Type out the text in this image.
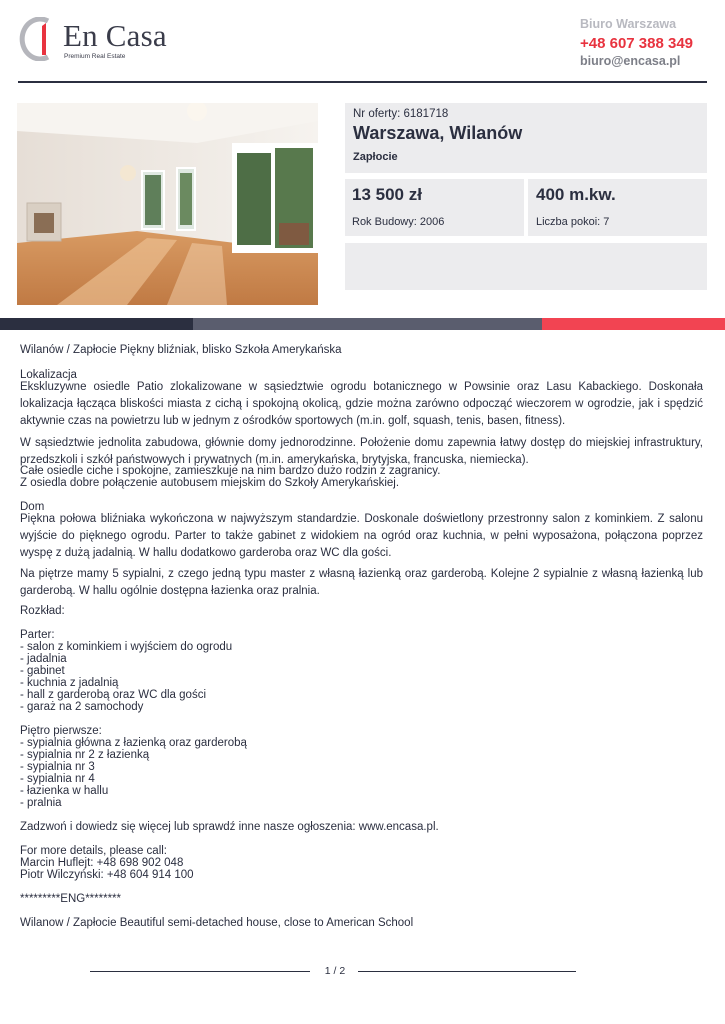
En Casa
Premium Real Estate
Biuro Warszawa
+48 607 388 349
biuro@encasa.pl
Nr oferty: 6181718
Warszawa, Wilanów
Zapłocie
13 500 zł
Rok Budowy: 2006
400 m.kw.
Liczba pokoi: 7

Wilanów / Zapłocie Piękny bliźniak, blisko Szkoła Amerykańska

Lokalizacja

Ekskluzywne osiedle Patio zlokalizowane w sąsiedztwie ogrodu botanicznego w Powsinie oraz Lasu Kabackiego. Doskonała lokalizacja łącząca bliskości miasta z cichą i spokojną okolicą, gdzie można zarówno odpocząć wieczorem w ogrodzie, jak i spędzić aktywnie czas na powietrzu lub w jednym z ośrodków sportowych (m.in. golf, squash, tenis, basen, fitness).

W sąsiedztwie jednolita zabudowa, głównie domy jednorodzinne. Położenie domu zapewnia łatwy dostęp do miejskiej infrastruktury, przedszkoli i szkół państwowych i prywatnych (m.in. amerykańska, brytyjska, francuska, niemiecka).
Całe osiedle ciche i spokojne, zamieszkuje na nim bardzo dużo rodzin z zagranicy.

Z osiedla dobre połączenie autobusem miejskim do Szkoły Amerykańskiej.

Dom

Piękna połowa bliźniaka wykończona w najwyższym standardzie. Doskonale doświetlony przestronny salon z kominkiem. Z salonu wyjście do pięknego ogrodu. Parter to także gabinet z widokiem na ogród oraz kuchnia, w pełni wyposażona, połączona poprzez wyspę z dużą jadalnią. W hallu dodatkowo garderoba oraz WC dla gości.

Na piętrze mamy 5 sypialni, z czego jedną typu master z własną łazienką oraz garderobą. Kolejne 2 sypialnie z własną łazienką lub garderobą. W hallu ogólnie dostępna łazienka oraz pralnia.

Rozkład:

Parter:
- salon z kominkiem i wyjściem do ogrodu
- jadalnia
- gabinet
- kuchnia z jadalnią
- hall z garderobą oraz WC dla gości
- garaż na 2 samochody
Piętro pierwsze:
- sypialnia główna z łazienką oraz garderobą
- sypialnia nr 2 z łazienką
- sypialnia nr 3
- sypialnia nr 4
- łazienka w hallu
- pralnia

Zadzwoń i dowiedz się więcej lub sprawdź inne nasze ogłoszenia: www.encasa.pl.

For more details, please call:
Marcin Huflejt: +48 698 902 048

Piotr Wilczyński: +48 604 914 100

*********ENG********

Wilanow / Zapłocie Beautiful semi-detached house, close to American School
1 / 2
